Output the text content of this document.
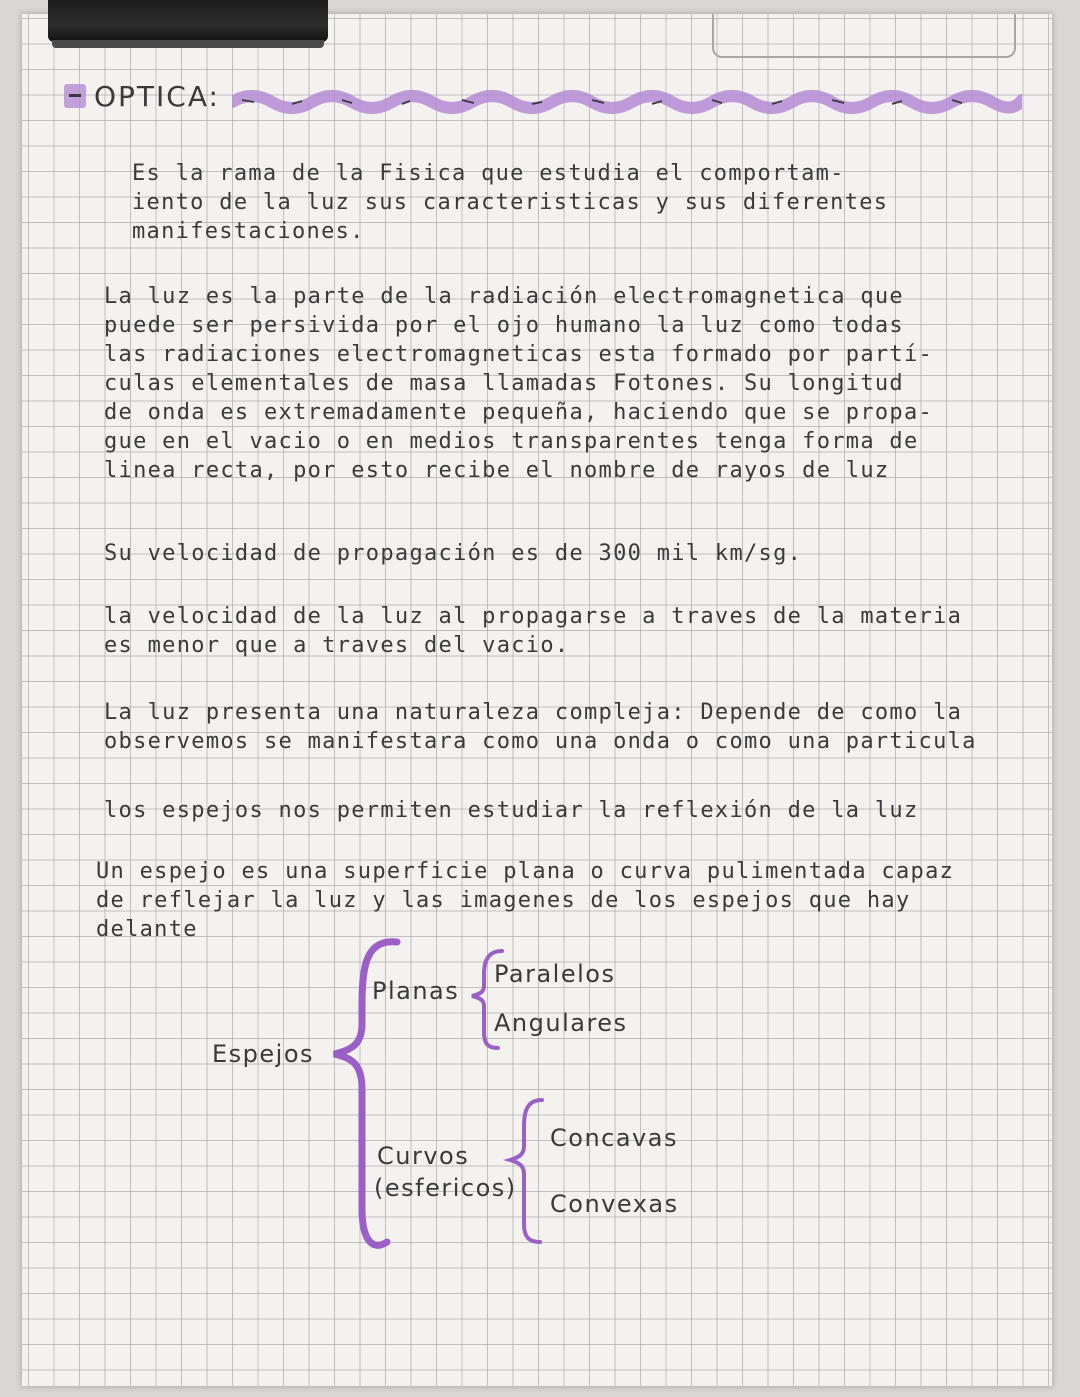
OPTICA:
Es la rama de la Fisica que estudia el comportam-
iento de la luz sus caracteristicas y sus diferentes
manifestaciones.
La luz es la parte de la radiación electromagnetica que
puede ser persivida por el ojo humano la luz como todas
las radiaciones electromagneticas esta formado por partí-
culas elementales de masa llamadas Fotones. Su longitud
de onda es extremadamente pequeña, haciendo que se propa-
gue en el vacio o en medios transparentes tenga forma de
linea recta, por esto recibe el nombre de rayos de luz
Su velocidad de propagación es de 300 mil km/sg.
la velocidad de la luz al propagarse a traves de la materia
es menor que a traves del vacio.
La luz presenta una naturaleza compleja: Depende de como la
observemos se manifestara como una onda o como una particula
los espejos nos permiten estudiar la reflexión de la luz
Un espejo es una superficie plana o curva pulimentada capaz
de reflejar la luz y las imagenes de los espejos que hay
delante
Espejos
Planas
Paralelos
Angulares
Curvos
(esfericos)
Concavas
Convexas
